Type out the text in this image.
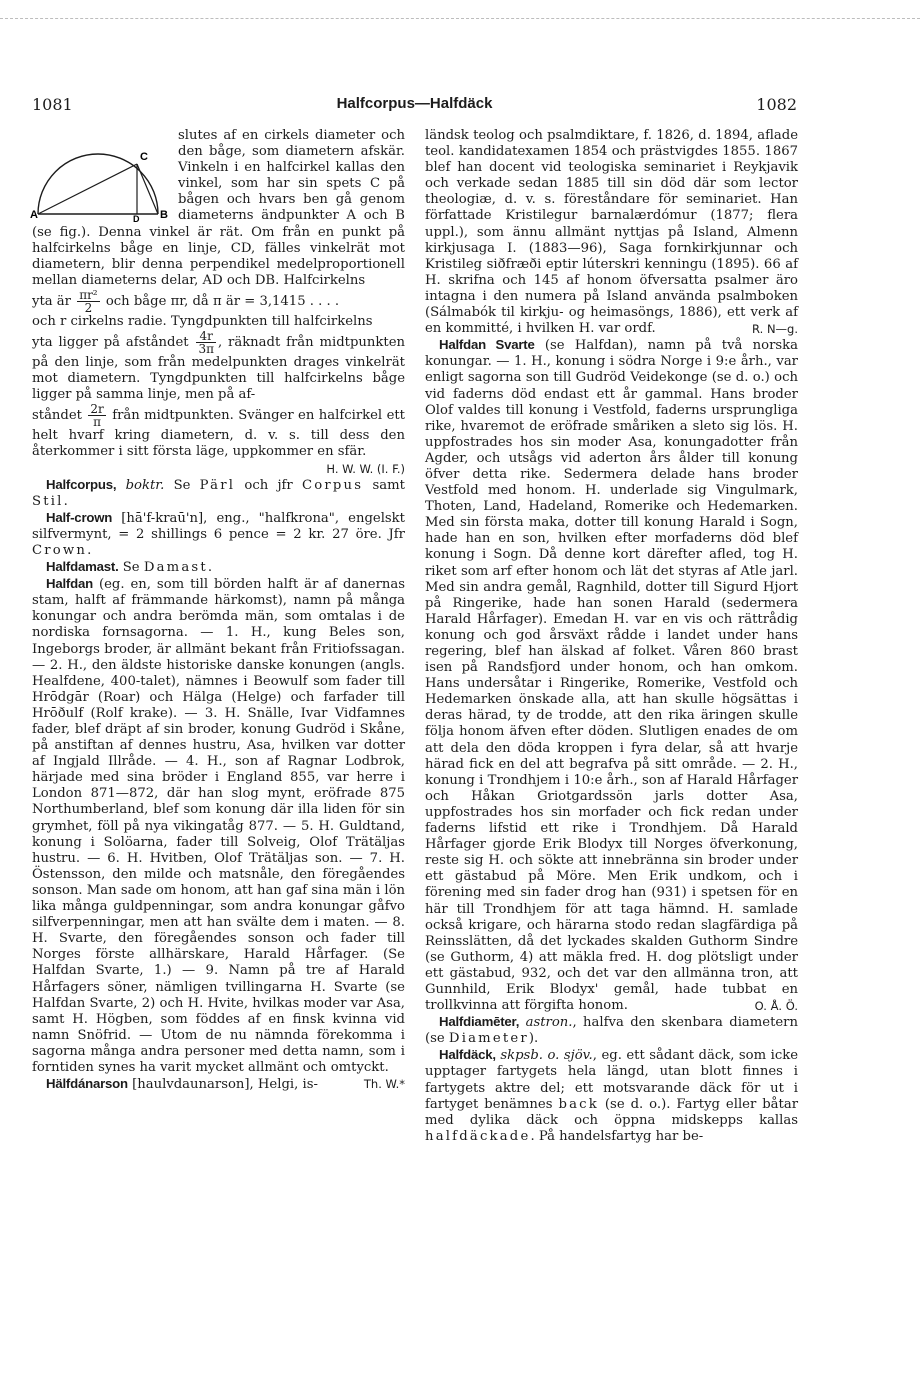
1081	Halfcorpus—Halfdäck	1082
C
A	B
D

slutes af en cirkels diameter och den båge, som diametern afskär. Vinkeln i en halfcirkel kallas den vinkel, som har sin spets C på bågen och hvars ben gå genom diameterns ändpunkter A och B (se fig.). Denna vinkel är rät. Om från en punkt på halfcirkelns båge en linje, CD, fälles vinkelrät mot diametern, blir denna perpendikel medelproportionell mellan diameterns delar, AD och DB. Halfcirkelns

yta är $\frac{\text{πr²}}{2}$ och båge πr, då π är = 3,1415 . . . .

och r cirkelns radie. Tyngdpunkten till halfcirkelns

yta ligger på afståndet $\frac{4r}{3\pi}$ , räknadt från midtpunkten på den linje, som från medelpunkten drages vinkelrät mot diametern. Tyngdpunkten till halfcirkelns båge ligger på samma linje, men på af-

ståndet $\frac{2r}{\pi}$ från midtpunkten. Svänger en halfcirkel ett helt hvarf kring diametern, d. v. s. till dess den återkommer i sitt första läge, uppkommer en sfär.
H. W. W. (I. F.)

Halfcorpus, boktr. Se Pärl och jfr Corpus samt Stil.

Half-crown [hā'f-kraū'n], eng., "halfkrona", engelskt silfvermynt, = 2 shillings 6 pence = 2 kr. 27 öre. Jfr Crown.

Halfdamast. Se Damast.

Halfdan (eg. en, som till börden halft är af danernas stam, halft af främmande härkomst), namn på många konungar och andra berömda män, som omtalas i de nordiska fornsagorna. — 1. H., kung Beles son, Ingeborgs broder, är allmänt bekant från Fritiofssagan. — 2. H., den äldste historiske danske konungen (angls. Healfdene, 400-talet), nämnes i Beowulf som fader till Hrōdgār (Roar) och Hälga (Helge) och farfader till Hrōðulf (Rolf krake). — 3. H. Snälle, Ivar Vidfamnes fader, blef dräpt af sin broder, konung Gudröd i Skåne, på anstiftan af dennes hustru, Asa, hvilken var dotter af Ingjald Illråde. — 4. H., son af Ragnar Lodbrok, härjade med sina bröder i England 855, var herre i London 871—872, där han slog mynt, eröfrade 875 Northumberland, blef som konung där illa liden för sin grymhet, föll på nya vikingatåg 877. — 5. H. Guldtand, konung i Solöarna, fader till Solveig, Olof Trätäljas hustru. — 6. H. Hvitben, Olof Trätäljas son. — 7. H. Östensson, den milde och matsnåle, den föregåendes sonson. Man sade om honom, att han gaf sina män i lön lika många guldpenningar, som andra konungar gåfvo silfverpenningar, men att han svälte dem i maten. — 8. H. Svarte, den föregåendes sonson och fader till Norges förste allhärskare, Harald Hårfager. (Se Halfdan Svarte, 1.) — 9. Namn på tre af Harald Hårfagers söner, nämligen tvillingarna H. Svarte (se Halfdan Svarte, 2) och H. Hvite, hvilkas moder var Asa, samt H. Högben, som föddes af en finsk kvinna vid namn Snöfrid. — Utom de nu nämnda förekomma i sagorna många andra personer med detta namn, som i forntiden synes ha varit mycket allmänt och omtyckt.
Th. W.*

Hälfdánarson [haulvdaunarson], Helgi, is-

ländsk teolog och psalmdiktare, f. 1826, d. 1894, aflade teol. kandidatexamen 1854 och prästvigdes 1855. 1867 blef han docent vid teologiska seminariet i Reykjavik och verkade sedan 1885 till sin död där som lector theologiæ, d. v. s. föreståndare för seminariet. Han författade Kristilegur barnalærdómur (1877; flera uppl.), som ännu allmänt nyttjas på Island, Almenn kirkjusaga I. (1883—96), Saga fornkirkjunnar och Kristileg siðfræði eptir lúterskri kenningu (1895). 66 af H. skrifna och 145 af honom öfversatta psalmer äro intagna i den numera på Island använda psalmboken (Sálmabók til kirkju- og heimasöngs, 1886), ett verk af en kommitté, i hvilken H. var ordf.	R. N—g.

Halfdan Svarte (se Halfdan), namn på två norska konungar. — 1. H., konung i södra Norge i 9:e årh., var enligt sagorna son till Gudröd Veidekonge (se d. o.) och vid faderns död endast ett år gammal. Hans broder Olof valdes till konung i Vestfold, faderns ursprungliga rike, hvaremot de eröfrade småriken a sleto sig lös. H. uppfostrades hos sin moder Asa, konungadotter från Agder, och utsågs vid aderton års ålder till konung öfver detta rike. Sedermera delade hans broder Vestfold med honom. H. underlade sig Vingulmark, Thoten, Land, Hadeland, Romerike och Hedemarken. Med sin första maka, dotter till konung Harald i Sogn, hade han en son, hvilken efter morfaderns död blef konung i Sogn. Då denne kort därefter afled, tog H. riket som arf efter honom och lät det styras af Atle jarl. Med sin andra gemål, Ragnhild, dotter till Sigurd Hjort på Ringerike, hade han sonen Harald (sedermera Harald Hårfager). Emedan H. var en vis och rättrådig konung och god årsväxt rådde i landet under hans regering, blef han älskad af folket. Våren 860 brast isen på Randsfjord under honom, och han omkom. Hans undersåtar i Ringerike, Romerike, Vestfold och Hedemarken önskade alla, att han skulle högsättas i deras härad, ty de trodde, att den rika äringen skulle följa honom äfven efter döden. Slutligen enades de om att dela den döda kroppen i fyra delar, så att hvarje härad fick en del att begrafva på sitt område. — 2. H., konung i Trondhjem i 10:e årh., son af Harald Hårfager och Håkan Griotgardssön jarls dotter Asa, uppfostrades hos sin morfader och fick redan under faderns lifstid ett rike i Trondhjem. Då Harald Hårfager gjorde Erik Blodyx till Norges öfverkonung, reste sig H. och sökte att innebränna sin broder under ett gästabud på Möre. Men Erik undkom, och i förening med sin fader drog han (931) i spetsen för en här till Trondhjem för att taga hämnd. H. samlade också krigare, och härarna stodo redan slagfärdiga på Reinsslätten, då det lyckades skalden Guthorm Sindre (se Guthorm, 4) att mäkla fred. H. dog plötsligt under ett gästabud, 932, och det var den allmänna tron, att Gunnhild, Erik Blodyx' gemål, hade tubbat en trollkvinna att förgifta honom.	O. Å. Ö.

Halfdiamēter, astron., halfva den skenbara diametern (se Diameter).

Halfdäck, skpsb. o. sjöv., eg. ett sådant däck, som icke upptager fartygets hela längd, utan blott finnes i fartygets aktre del; ett motsvarande däck för ut i fartyget benämnes back (se d. o.). Fartyg eller båtar med dylika däck och öppna midskepps kallas halfdäckade. På handelsfartyg har be-
